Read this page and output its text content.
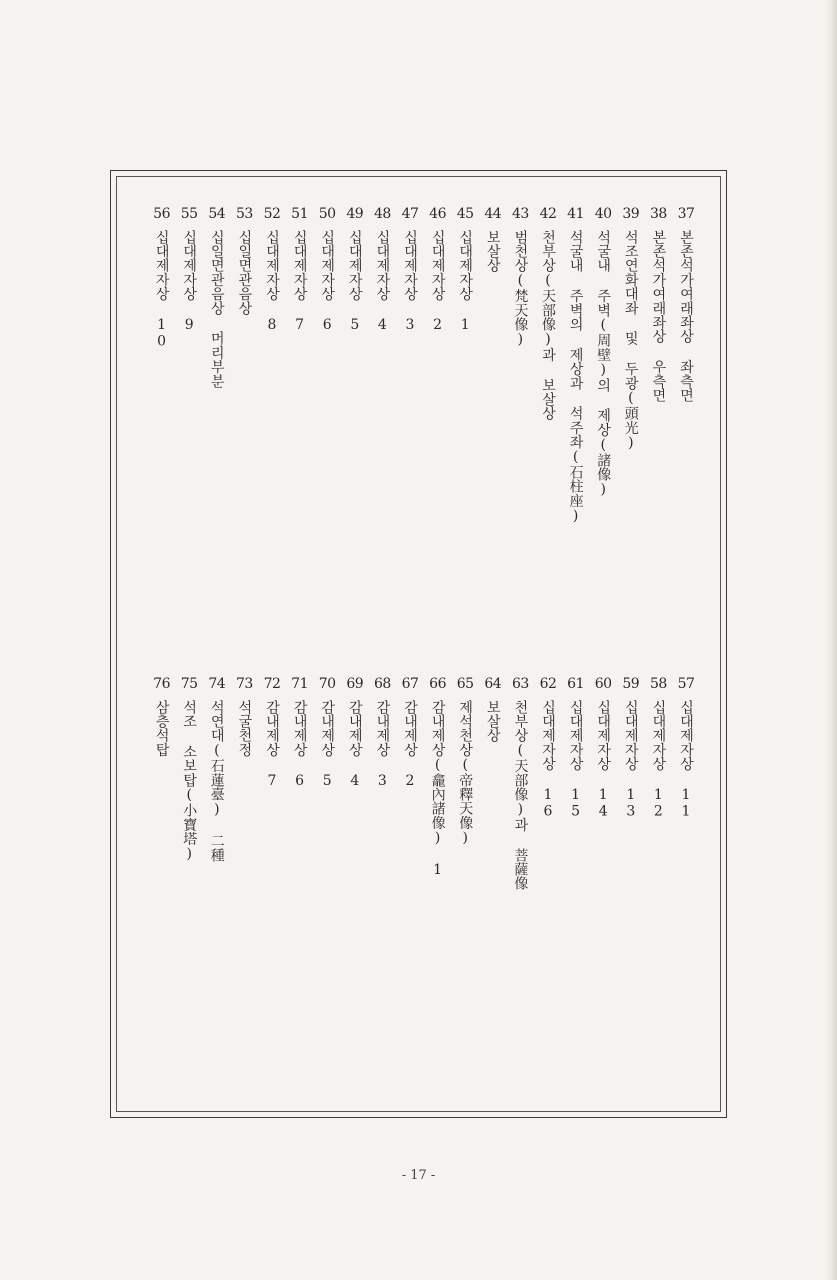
37
본존석가여래좌상 좌측면
38
본존석가여래좌상 우측면
39
석조연화대좌 및 두광(頭光)
40
석굴내 주벽(周壁)의 제상(諸像)
41
석굴내 주벽의 제상과 석주좌(石柱座)
42
천부상(天部像)과 보살상
43
범천상(梵天像)
44
보살상
45
십대제자상 1
46
십대제자상 2
47
십대제자상 3
48
십대제자상 4
49
십대제자상 5
50
십대제자상 6
51
십대제자상 7
52
십대제자상 8
53
십일면관음상
54
십일면관음상 머리부분
55
십대제자상 9
56
십대제자상 10
57
십대제자상 11
58
십대제자상 12
59
십대제자상 13
60
십대제자상 14
61
십대제자상 15
62
십대제자상 16
63
천부상(天部像)과 菩薩像
64
보살상
65
제석천상(帝釋天像)
66
감내제상(龕內諸像) 1
67
감내제상 2
68
감내제상 3
69
감내제상 4
70
감내제상 5
71
감내제상 6
72
감내제상 7
73
석굴천정
74
석연대(石蓮臺) 二種
75
석조 소보탑(小寶塔)
76
삼층석탑
- 17 -
